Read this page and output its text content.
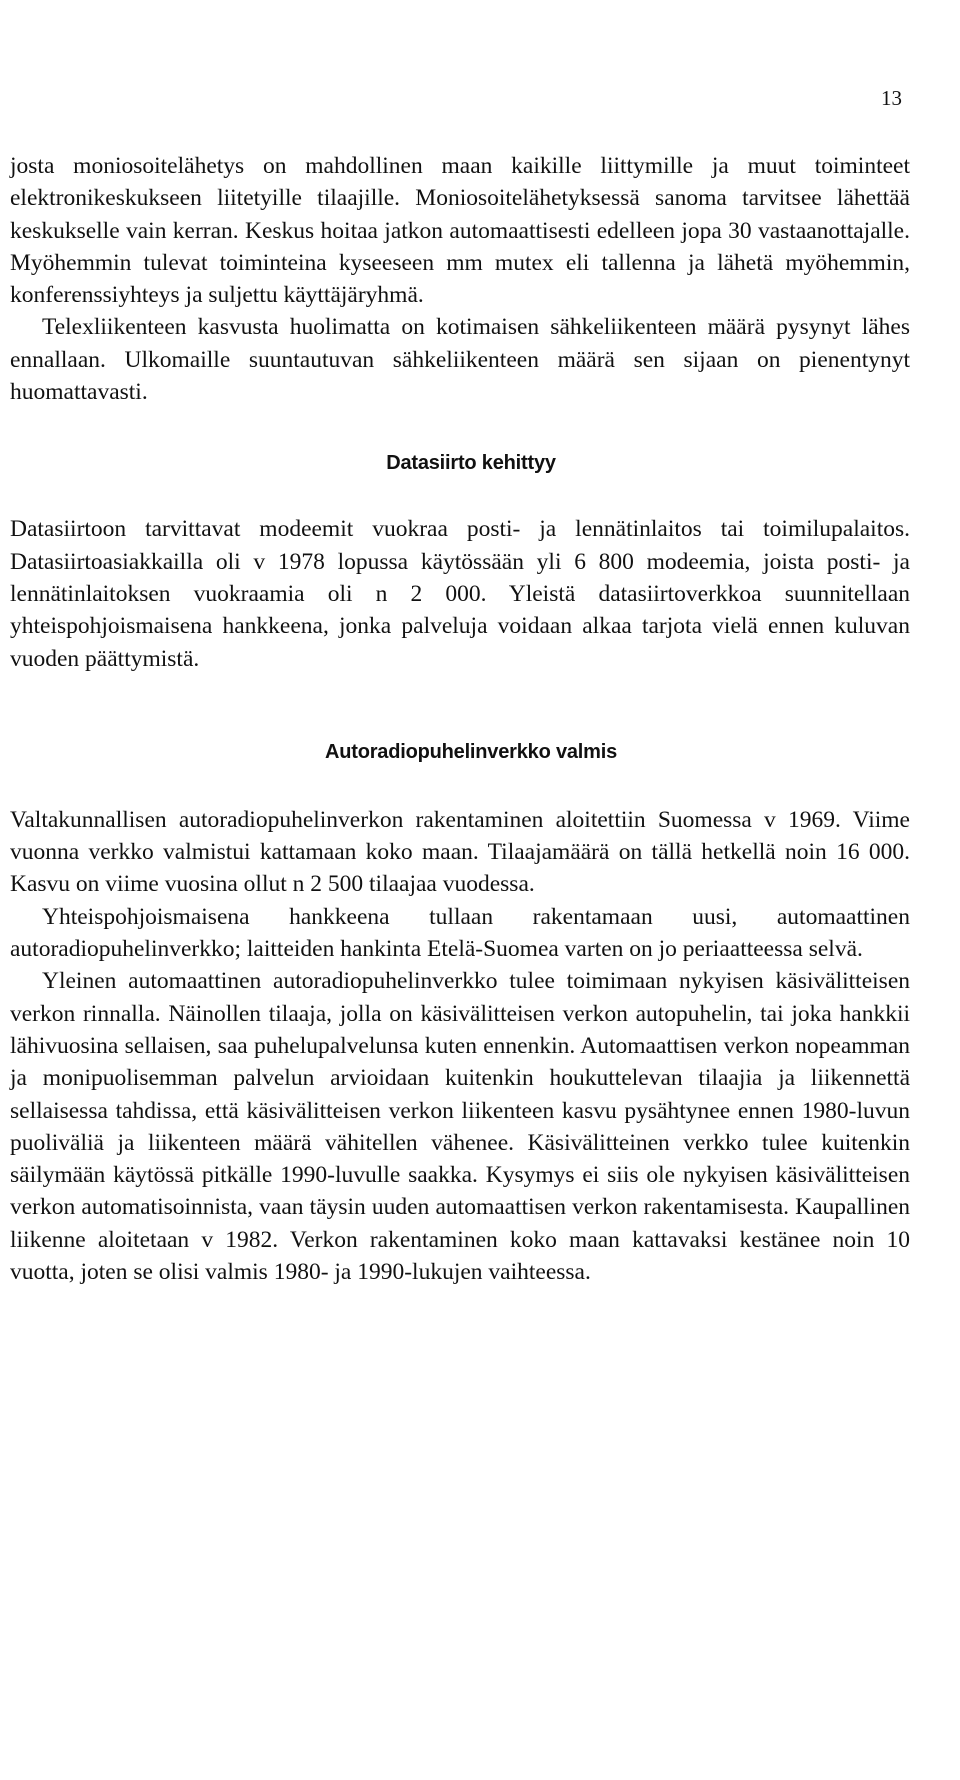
13

josta moniosoitelähetys on mahdollinen maan kaikille liittymille ja muut toiminteet elektronikeskukseen liitetyille tilaajille. Moniosoitelähetyksessä sanoma tarvitsee lähettää keskukselle vain kerran. Keskus hoitaa jatkon automaattisesti edelleen jopa 30 vastaanottajalle. Myöhemmin tulevat toiminteina kyseeseen mm mutex eli tallenna ja lähetä myöhemmin, konferenssiyhteys ja suljettu käyttäjäryhmä.

Telexliikenteen kasvusta huolimatta on kotimaisen sähkeliikenteen määrä pysynyt lähes ennallaan. Ulkomaille suuntautuvan sähkeliikenteen määrä sen sijaan on pienentynyt huomattavasti.

Datasiirto kehittyy

Datasiirtoon tarvittavat modeemit vuokraa posti- ja lennätinlaitos tai toimilupalaitos. Datasiirtoasiakkailla oli v 1978 lopussa käytössään yli 6 800 modeemia, joista posti- ja lennätinlaitoksen vuokraamia oli n 2 000. Yleistä datasiirtoverkkoa suunnitellaan yhteispohjoismaisena hankkeena, jonka palveluja voidaan alkaa tarjota vielä ennen kuluvan vuoden päättymistä.

Autoradiopuhelinverkko valmis

Valtakunnallisen autoradiopuhelinverkon rakentaminen aloitettiin Suomessa v 1969. Viime vuonna verkko valmistui kattamaan koko maan. Tilaajamäärä on tällä hetkellä noin 16 000. Kasvu on viime vuosina ollut n 2 500 tilaajaa vuodessa.

Yhteispohjoismaisena hankkeena tullaan rakentamaan uusi, automaattinen autoradiopuhelinverkko; laitteiden hankinta Etelä-Suomea varten on jo periaatteessa selvä.

Yleinen automaattinen autoradiopuhelinverkko tulee toimimaan nykyisen käsivälitteisen verkon rinnalla. Näinollen tilaaja, jolla on käsivälitteisen verkon autopuhelin, tai joka hankkii lähivuosina sellaisen, saa puhelupalvelunsa kuten ennenkin. Automaattisen verkon nopeamman ja monipuolisemman palvelun arvioidaan kuitenkin houkuttelevan tilaajia ja liikennettä sellaisessa tahdissa, että käsivälitteisen verkon liikenteen kasvu pysähtynee ennen 1980-luvun puoliväliä ja liikenteen määrä vähitellen vähenee. Käsivälitteinen verkko tulee kuitenkin säilymään käytössä pitkälle 1990-luvulle saakka. Kysymys ei siis ole nykyisen käsivälitteisen verkon automatisoinnista, vaan täysin uuden automaattisen verkon rakentamisesta. Kaupallinen liikenne aloitetaan v 1982. Verkon rakentaminen koko maan kattavaksi kestänee noin 10 vuotta, joten se olisi valmis 1980- ja 1990-lukujen vaihteessa.
